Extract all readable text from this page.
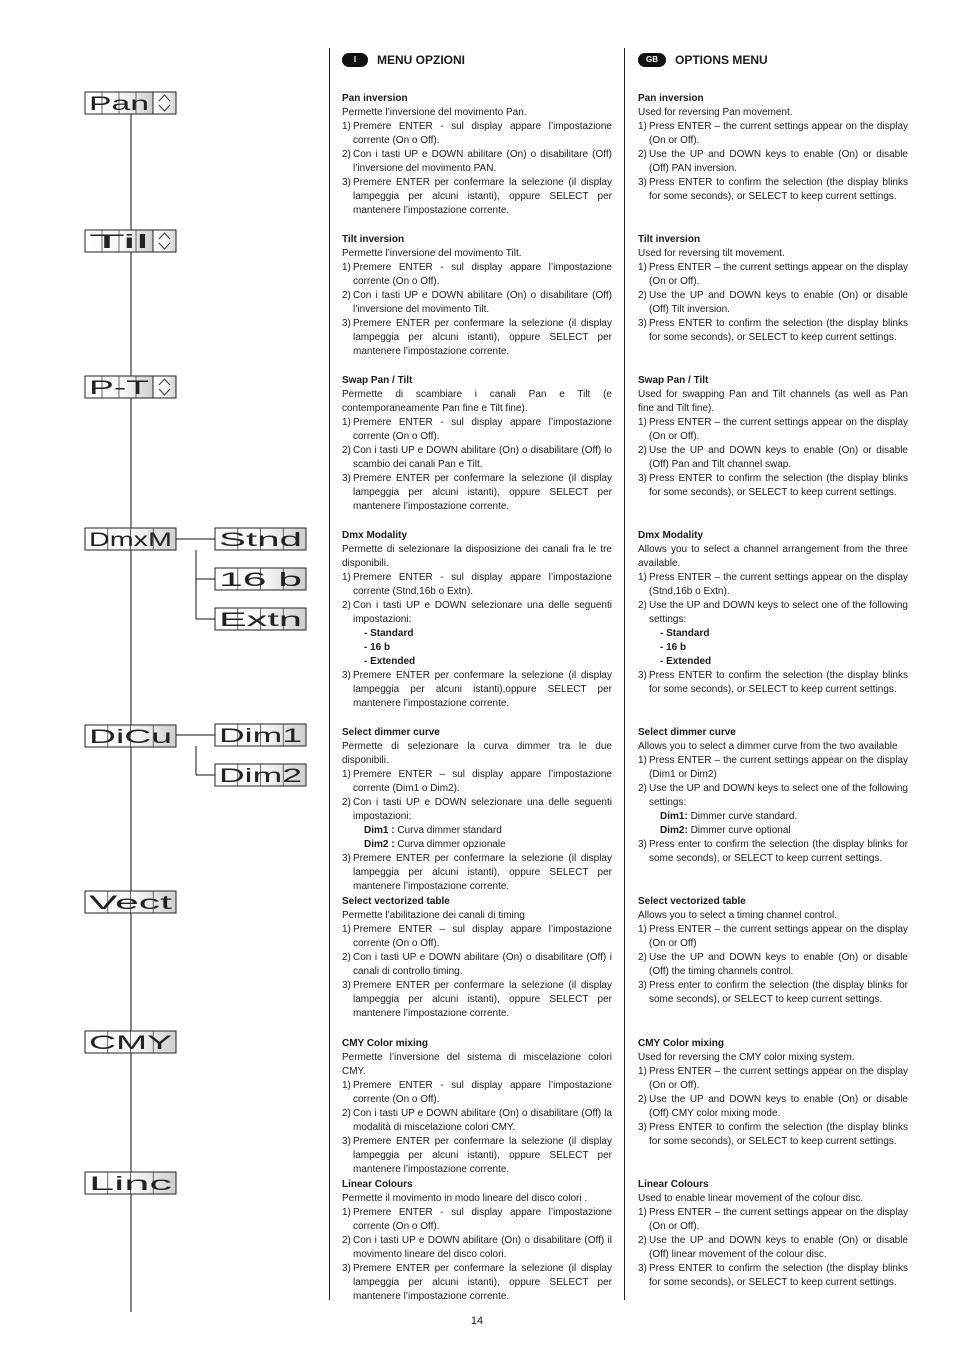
Pan
Til
P-T
DmxM
DiCu
Vect
CMY
Linc
Stnd
16 b
Extn
Dim1
Dim2
I	MENU OPZIONI

Pan inversion

Permette l’inversione del movimento Pan.

1) Premere ENTER - sul display appare l’impostazione corrente (On o Off).
2) Con i tasti UP e DOWN abilitare (On) o disabilitare (Off) l’inversione del movimento PAN.
3) Premere ENTER per confermare la selezione (il display lampeggia per alcuni istanti), oppure SELECT per mantenere l’impostazione corrente.

Tilt inversion

Permette l’inversione del movimento Tilt.

1) Premere ENTER - sul display appare l’impostazione corrente (On o Off).
2) Con i tasti UP e DOWN abilitare (On) o disabilitare (Off) l’inversione del movimento Tilt.
3) Premere ENTER per confermare la selezione (il display lampeggia per alcuni istanti), oppure SELECT per mantenere l’impostazione corrente.

Swap Pan / Tilt

Permette di scambiare i canali Pan e Tilt (e contemporaneamente Pan fine e Tilt fine).

1) Premere ENTER - sul display appare l’impostazione corrente (On o Off).
2) Con i tasti UP e DOWN abilitare (On) o disabilitare (Off) lo scambio dei canali Pan e Tilt.
3) Premere ENTER per confermare la selezione (il display lampeggia per alcuni istanti), oppure SELECT per mantenere l’impostazione corrente.

Dmx Modality

Permette di selezionare la disposizione dei canali fra le tre disponibili.

1) Premere ENTER - sul display appare l’impostazione corrente (Stnd,16b o Extn).
2) Con i tasti UP e DOWN selezionare una delle seguenti impostazioni:
- Standard
- 16 b
- Extended
3) Premere ENTER per confermare la selezione (il display lampeggia per alcuni istanti),oppure SELECT per mantenere l’impostazione corrente.

Select dimmer curve

Permette di selezionare la curva dimmer tra le due disponibili.

1) Premere ENTER – sul display appare l’impostazione corrente (Dim1 o Dim2).
2) Con i tasti UP e DOWN selezionare una delle seguenti impostazioni:
Dim1 : Curva dimmer standard
Dim2 : Curva dimmer opzionale
3) Premere ENTER per confermare la selezione (il display lampeggia per alcuni istanti), oppure SELECT per mantenere l’impostazione corrente.

Select vectorized table

Permette l’abilitazione dei canali di timing

1) Premere ENTER – sul display appare l’impostazione corrente (On o Off).
2) Con i tasti UP e DOWN abilitare (On) o disabilitare (Off) i canali di controllo timing.
3) Premere ENTER per confermare la selezione (il display lampeggia per alcuni istanti), oppure SELECT per mantenere l’impostazione corrente.

CMY Color mixing

Permette l’inversione del sistema di miscelazione colori CMY.

1) Premere ENTER - sul display appare l’impostazione corrente (On o Off).
2) Con i tasti UP e DOWN abilitare (On) o disabilitare (Off) la modalità di miscelazione colori CMY.
3) Premere ENTER per confermare la selezione (il display lampeggia per alcuni istanti), oppure SELECT per mantenere l’impostazione corrente.

Linear Colours

Permette il movimento in modo lineare del disco colori .

1) Premere ENTER - sul display appare l’impostazione corrente (On o Off).
2) Con i tasti UP e DOWN abilitare (On) o disabilitare (Off) il movimento lineare del disco colori.
3) Premere ENTER per confermare la selezione (il display lampeggia per alcuni istanti), oppure SELECT per mantenere l’impostazione corrente.
GB	OPTIONS MENU

Pan inversion

Used for reversing Pan movement.

1) Press ENTER – the current settings appear on the display (On or Off).
2) Use the UP and DOWN keys to enable (On) or disable (Off) PAN inversion.
3) Press ENTER to confirm the selection (the display blinks for some seconds), or SELECT to keep current settings.

Tilt inversion

Used for reversing tilt movement.

1) Press ENTER – the current settings appear on the display (On or Off).
2) Use the UP and DOWN keys to enable (On) or disable (Off) Tilt inversion.
3) Press ENTER to confirm the selection (the display blinks for some seconds), or SELECT to keep current settings.

Swap Pan / Tilt

Used for swapping Pan and Tilt channels (as well as Pan fine and Tilt fine).

1) Press ENTER – the current settings appear on the display (On or Off).
2) Use the UP and DOWN keys to enable (On) or disable (Off) Pan and Tilt channel swap.
3) Press ENTER to confirm the selection (the display blinks for some seconds), or SELECT to keep current settings.

Dmx Modality

Allows you to select a channel arrangement from the three available.

1) Press ENTER – the current settings appear on the display (Stnd,16b o Extn).
2) Use the UP and DOWN keys to select one of the following settings:
- Standard
- 16 b
- Extended
3) Press ENTER to confirm the selection (the display blinks for some seconds), or SELECT to keep current settings.

Select dimmer curve

Allows you to select a dimmer curve from the two available

1) Press ENTER – the current settings appear on the display (Dim1 or Dim2)
2) Use the UP and DOWN keys to select one of the following settings:
Dim1: Dimmer curve standard.
Dim2: Dimmer curve optional
3) Press enter to confirm the selection (the display blinks for some seconds), or SELECT to keep current settings.

Select vectorized table

Allows you to select a timing channel control.

1) Press ENTER – the current settings appear on the display (On or Off)
2) Use the UP and DOWN keys to enable (On) or disable (Off) the timing channels control.
3) Press enter to confirm the selection (the display blinks for some seconds), or SELECT to keep current settings.

CMY Color mixing

Used for reversing the CMY color mixing system.

1) Press ENTER – the current settings appear on the display (On or Off).
2) Use the UP and DOWN keys to enable (On) or disable (Off) CMY color mixing mode.
3) Press ENTER to confirm the selection (the display blinks for some seconds), or SELECT to keep current settings.

Linear Colours

Used to enable linear movement of the colour disc.

1) Press ENTER – the current settings appear on the display (On or Off).
2) Use the UP and DOWN keys to enable (On) or disable (Off) linear movement of the colour disc.
3) Press ENTER to confirm the selection (the display blinks for some seconds), or SELECT to keep current settings.
14
